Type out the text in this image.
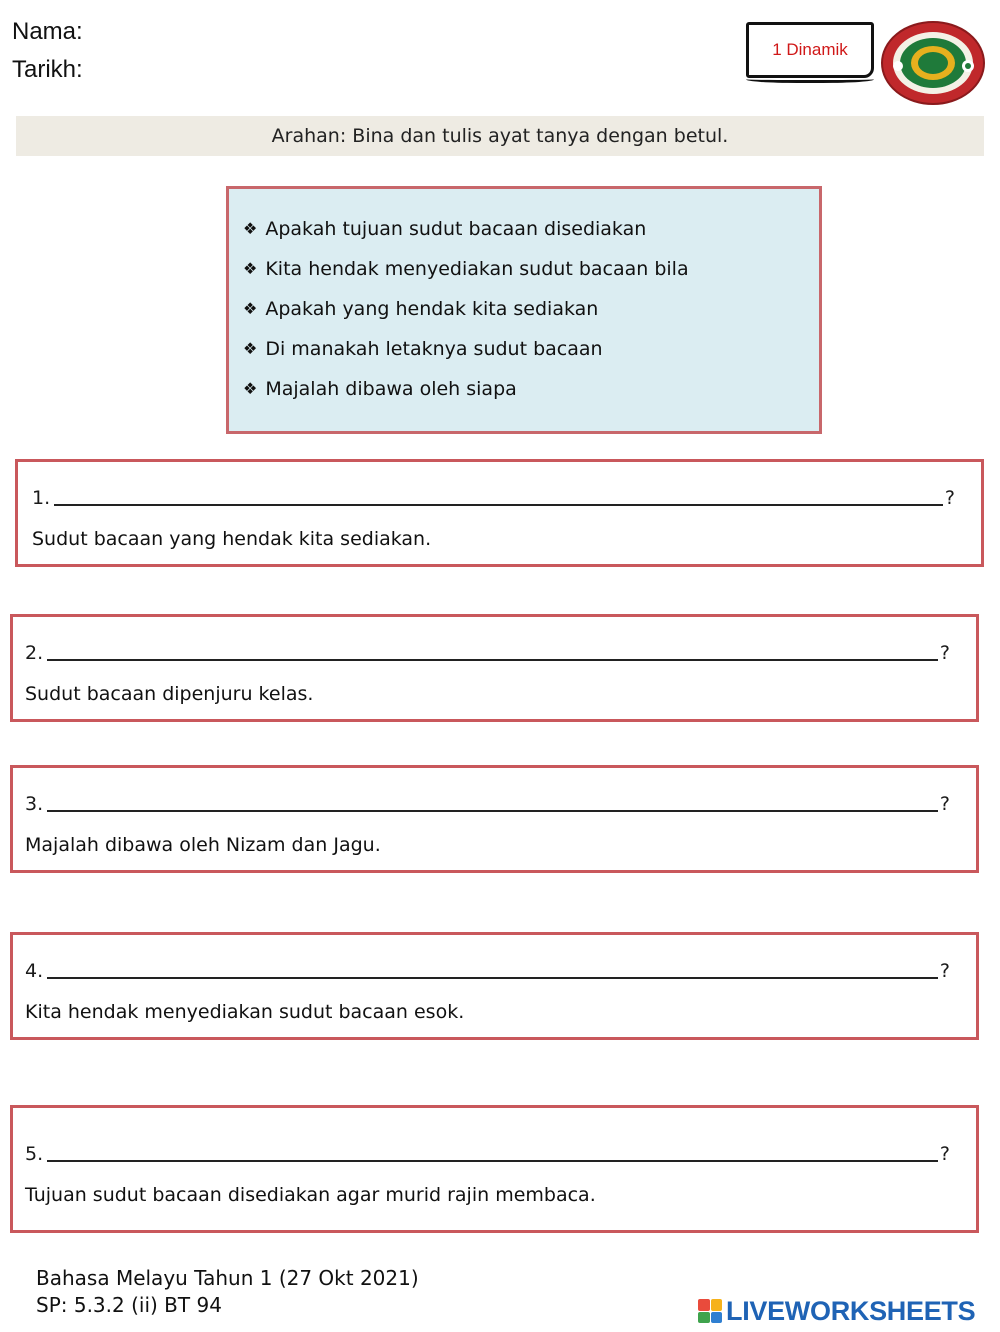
Nama:
Tarikh:
1 Dinamik
Arahan: Bina dan tulis ayat tanya dengan betul.
❖ Apakah tujuan sudut bacaan disediakan
❖ Kita hendak menyediakan sudut bacaan bila
❖ Apakah yang hendak kita sediakan
❖ Di manakah letaknya sudut bacaan
❖ Majalah dibawa oleh siapa
1.	?
Sudut bacaan yang hendak kita sediakan.
2.	?
Sudut bacaan dipenjuru kelas.
3.	?
Majalah dibawa oleh Nizam dan Jagu.
4.	?
Kita hendak menyediakan sudut bacaan esok.
5.	?
Tujuan sudut bacaan disediakan agar murid rajin membaca.
Bahasa Melayu Tahun 1 (27 Okt 2021)
SP: 5.3.2 (ii) BT 94	LIVEWORKSHEETS
